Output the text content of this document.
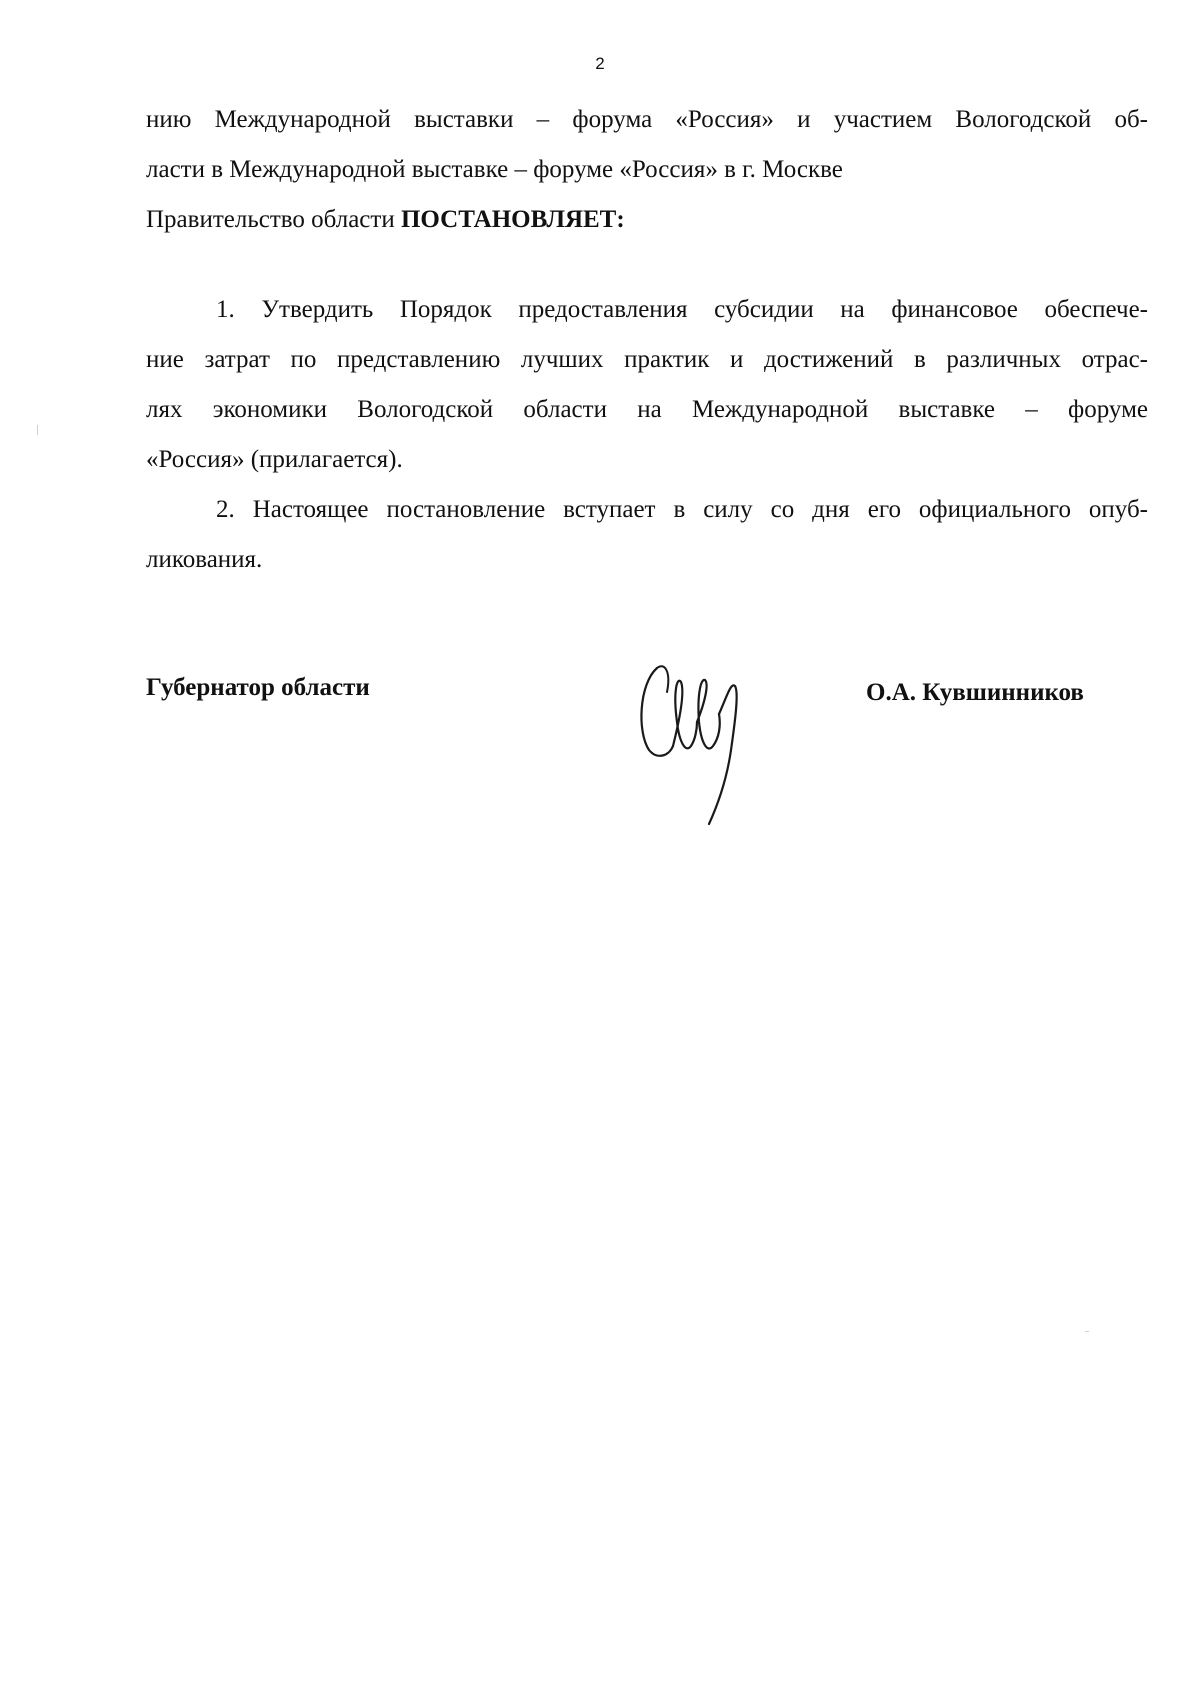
2
нию Международной выставки – форума «Россия» и участием Вологодской об-
ласти в Международной выставке – форуме «Россия» в г. Москве
Правительство области ПОСТАНОВЛЯЕТ:
1. Утвердить Порядок предоставления субсидии на финансовое обеспече-
ние затрат по представлению лучших практик и достижений в различных отрас-
лях экономики Вологодской области на Международной выставке – форуме
«Россия» (прилагается).
2. Настоящее постановление вступает в силу со дня его официального опуб-
ликования.
Губернатор области	О.А. Кувшинников
